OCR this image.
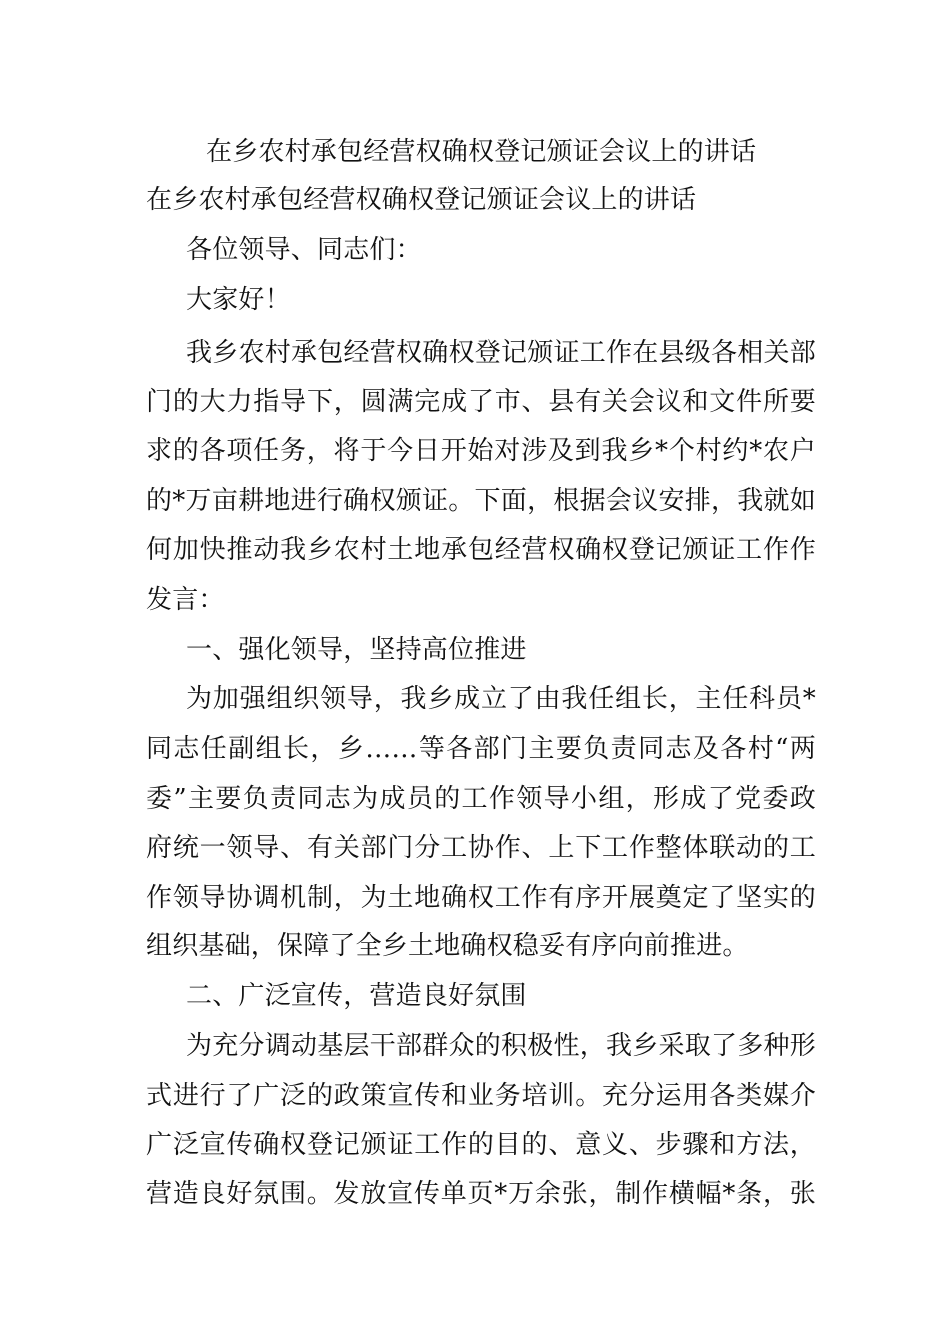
在乡农村承包经营权确权登记颁证会议上的讲话
在乡农村承包经营权确权登记颁证会议上的讲话
各位领导、同志们：
大家好！
我乡农村承包经营权确权登记颁证工作在县级各相关部
门的大力指导下，圆满完成了市、县有关会议和文件所要
求的各项任务，将于今日开始对涉及到我乡*个村约*农户
的*万亩耕地进行确权颁证。下面，根据会议安排，我就如
何加快推动我乡农村土地承包经营权确权登记颁证工作作
发言：
一、强化领导，坚持高位推进
为加强组织领导，我乡成立了由我任组长，主任科员*
同志任副组长，乡……等各部门主要负责同志及各村“两
委”主要负责同志为成员的工作领导小组，形成了党委政
府统一领导、有关部门分工协作、上下工作整体联动的工
作领导协调机制，为土地确权工作有序开展奠定了坚实的
组织基础，保障了全乡土地确权稳妥有序向前推进。
二、广泛宣传，营造良好氛围
为充分调动基层干部群众的积极性，我乡采取了多种形
式进行了广泛的政策宣传和业务培训。充分运用各类媒介
广泛宣传确权登记颁证工作的目的、意义、步骤和方法，
营造良好氛围。发放宣传单页*万余张，制作横幅*条，张
